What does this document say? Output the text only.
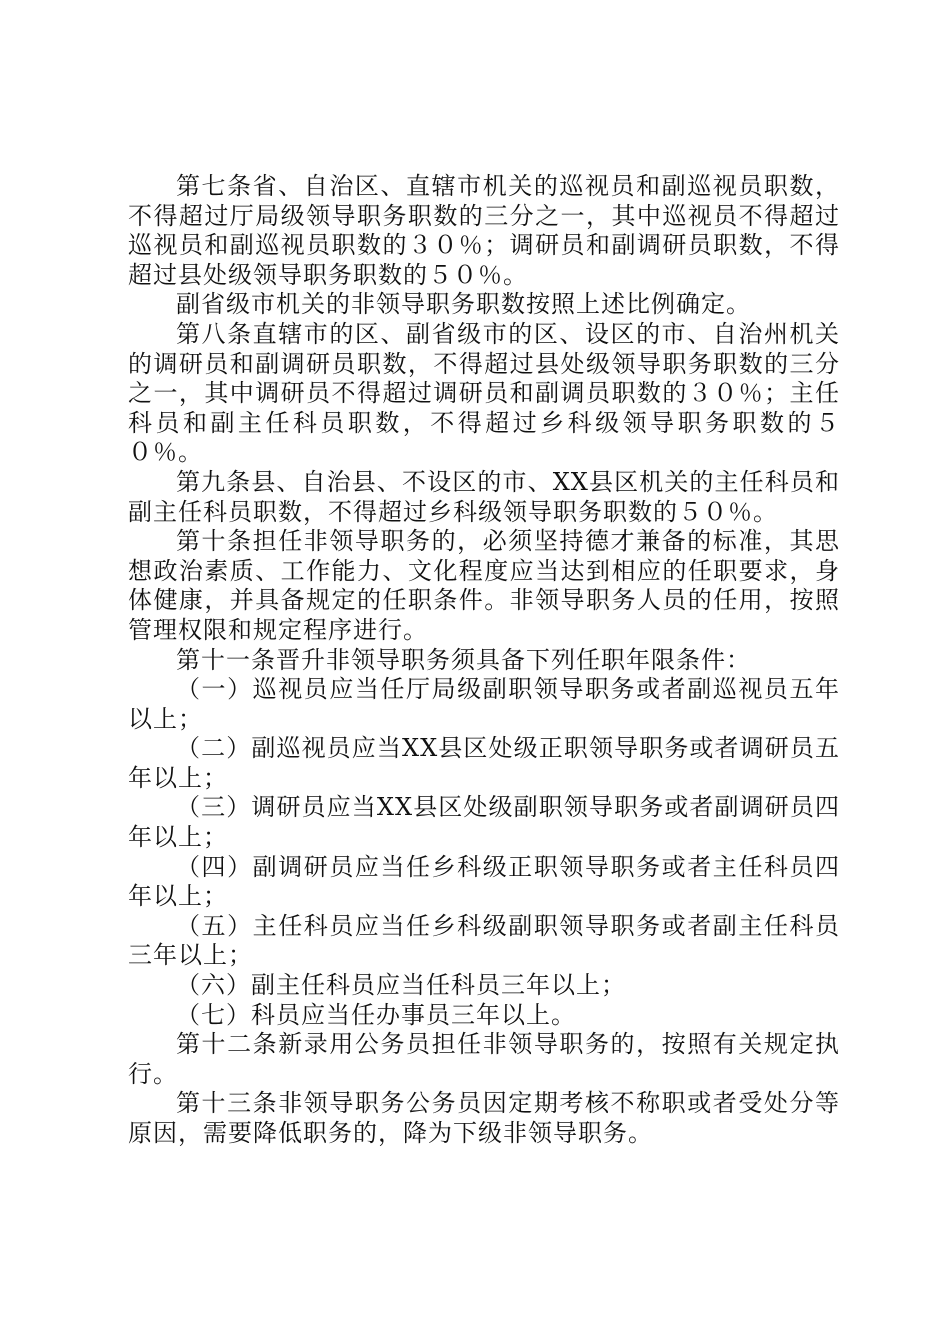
第七条省、自治区、直辖市机关的巡视员和副巡视员职数，不得超过厅局级领导职务职数的三分之一，其中巡视员不得超过巡视员和副巡视员职数的３０％；调研员和副调研员职数，不得超过县处级领导职务职数的５０％。

副省级市机关的非领导职务职数按照上述比例确定。

第八条直辖市的区、副省级市的区、设区的市、自治州机关的调研员和副调研员职数，不得超过县处级领导职务职数的三分之一，其中调研员不得超过调研员和副调员职数的３０％；主任科员和副主任科员职数，不得超过乡科级领导职务职数的５０％。

第九条县、自治县、不设区的市、XX县区机关的主任科员和副主任科员职数，不得超过乡科级领导职务职数的５０％。

第十条担任非领导职务的，必须坚持德才兼备的标准，其思想政治素质、工作能力、文化程度应当达到相应的任职要求，身体健康，并具备规定的任职条件。非领导职务人员的任用，按照管理权限和规定程序进行。

第十一条晋升非领导职务须具备下列任职年限条件：

（一）巡视员应当任厅局级副职领导职务或者副巡视员五年以上；

（二）副巡视员应当XX县区处级正职领导职务或者调研员五年以上；

（三）调研员应当XX县区处级副职领导职务或者副调研员四年以上；

（四）副调研员应当任乡科级正职领导职务或者主任科员四年以上；

（五）主任科员应当任乡科级副职领导职务或者副主任科员三年以上；

（六）副主任科员应当任科员三年以上；

（七）科员应当任办事员三年以上。

第十二条新录用公务员担任非领导职务的，按照有关规定执行。

第十三条非领导职务公务员因定期考核不称职或者受处分等原因，需要降低职务的，降为下级非领导职务。
